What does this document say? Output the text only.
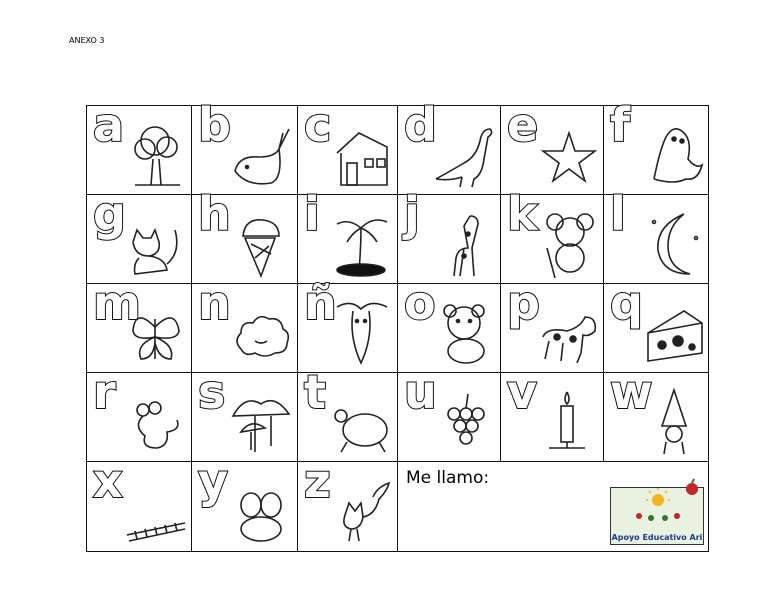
ANEXO 3
a b c d e f
g h i j k l
m n ñ o p q
r s t u v w
x y z	Me llamo:
Apoyo Educativo Ari
